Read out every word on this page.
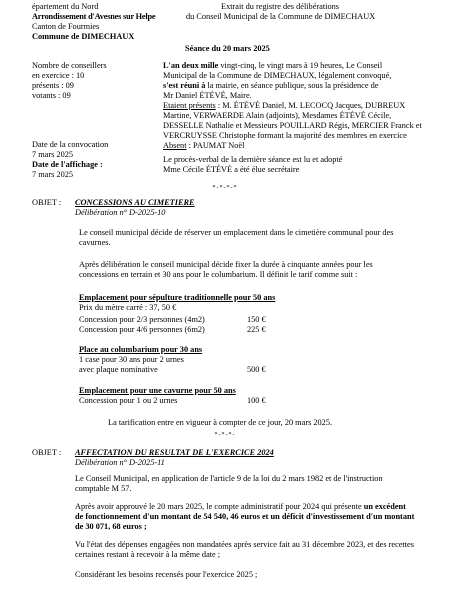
épartement du Nord
Arrondissement d'Avesnes sur Helpe
Canton de Fourmies
Commune de DIMECHAUX
Extrait du registre des délibérations
du Conseil Municipal de la Commune de DIMECHAUX
Séance du 20 mars 2025
Nombre de conseillers
en exercice : 10
présents : 09
votants : 09
Date de la convocation
7 mars 2025
Date de l'affichage :
7 mars 2025
L'an deux mille vingt-cinq, le vingt mars à 19 heures, Le Conseil
Municipal de la Commune de DIMECHAUX, légalement convoqué,
s'est réuni à la mairie, en séance publique, sous la présidence de
Mr Daniel ÉTÉVÉ, Maire.
Etaient présents : M. ÉTÉVÉ Daniel, M. LECOCQ Jacques, DUBREUX
Martine, VERWAERDE Alain (adjoints), Mesdames ÉTÉVÉ Cécile,
DESSELLE Nathalie et Messieurs POUILLARD Régis, MERCIER Franck et
VERCRUYSSE Christophe formant la majorité des membres en exercice
Absent : PAUMAT Noël
Le procès-verbal de la dernière séance est lu et adopté
Mme Cécile ÉTÉVÉ a été élue secrétaire
*-*-*-*
OBJET : CONCESSIONS AU CIMETIERE
Délibération n° D-2025-10

Le conseil municipal décide de réserver un emplacement dans le cimetière communal pour des cavurnes.

Après délibération le conseil municipal décide fixer la durée à cinquante années pour les concessions en terrain et 30 ans pour le columbarium. Il définit le tarif comme suit :

Emplacement pour sépulture traditionnelle pour 50 ans
Prix du mètre carré : 37, 50 €
Concession pour 2/3 personnes (4m2)	150 €
Concession pour 4/6 personnes (6m2)	225 €
Place au columbarium pour 30 ans
1 case pour 30 ans pour 2 urnes
avec plaque nominative	500 €
Emplacement pour une cavurne pour 50 ans
Concession pour 1 ou 2 urnes	100 €
La tarification entre en vigueur à compter de ce jour, 20 mars 2025.
*-*-*-
OBJET : AFFECTATION DU RESULTAT DE L'EXERCICE 2024
Délibération n° D-2025-11

Le Conseil Municipal, en application de l'article 9 de la loi du 2 mars 1982 et de l'instruction comptable M 57.

Après avoir approuvé le 20 mars 2025, le compte administratif pour 2024 qui présente un excédent de fonctionnement d'un montant de 54 540, 46 euros et un déficit d'investissement d'un montant de 30 071, 68 euros ;

Vu l'état des dépenses engagées non mandatées après service fait au 31 décembre 2023, et des recettes certaines restant à recevoir à la même date ;

Considérant les besoins recensés pour l'exercice 2025 ;
